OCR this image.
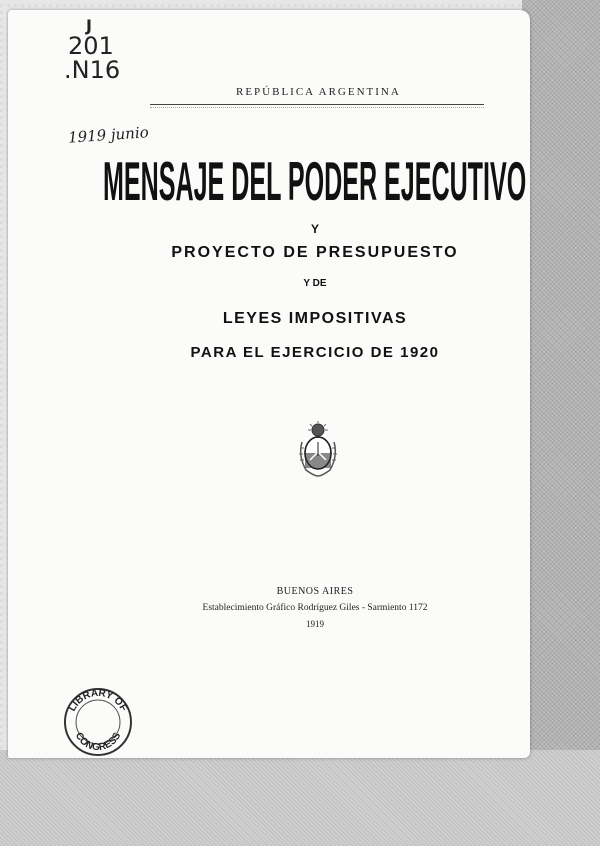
J
201
.N16
1919 junio
REPÚBLICA ARGENTINA
MENSAJE DEL PODER EJECUTIVO
Y
PROYECTO DE PRESUPUESTO
Y DE
LEYES IMPOSITIVAS
PARA EL EJERCICIO DE 1920
BUENOS AIRES
Establecimiento Gráfico Rodríguez Giles - Sarmiento 1172
1919
LIBRARY OF
CONGRESS
